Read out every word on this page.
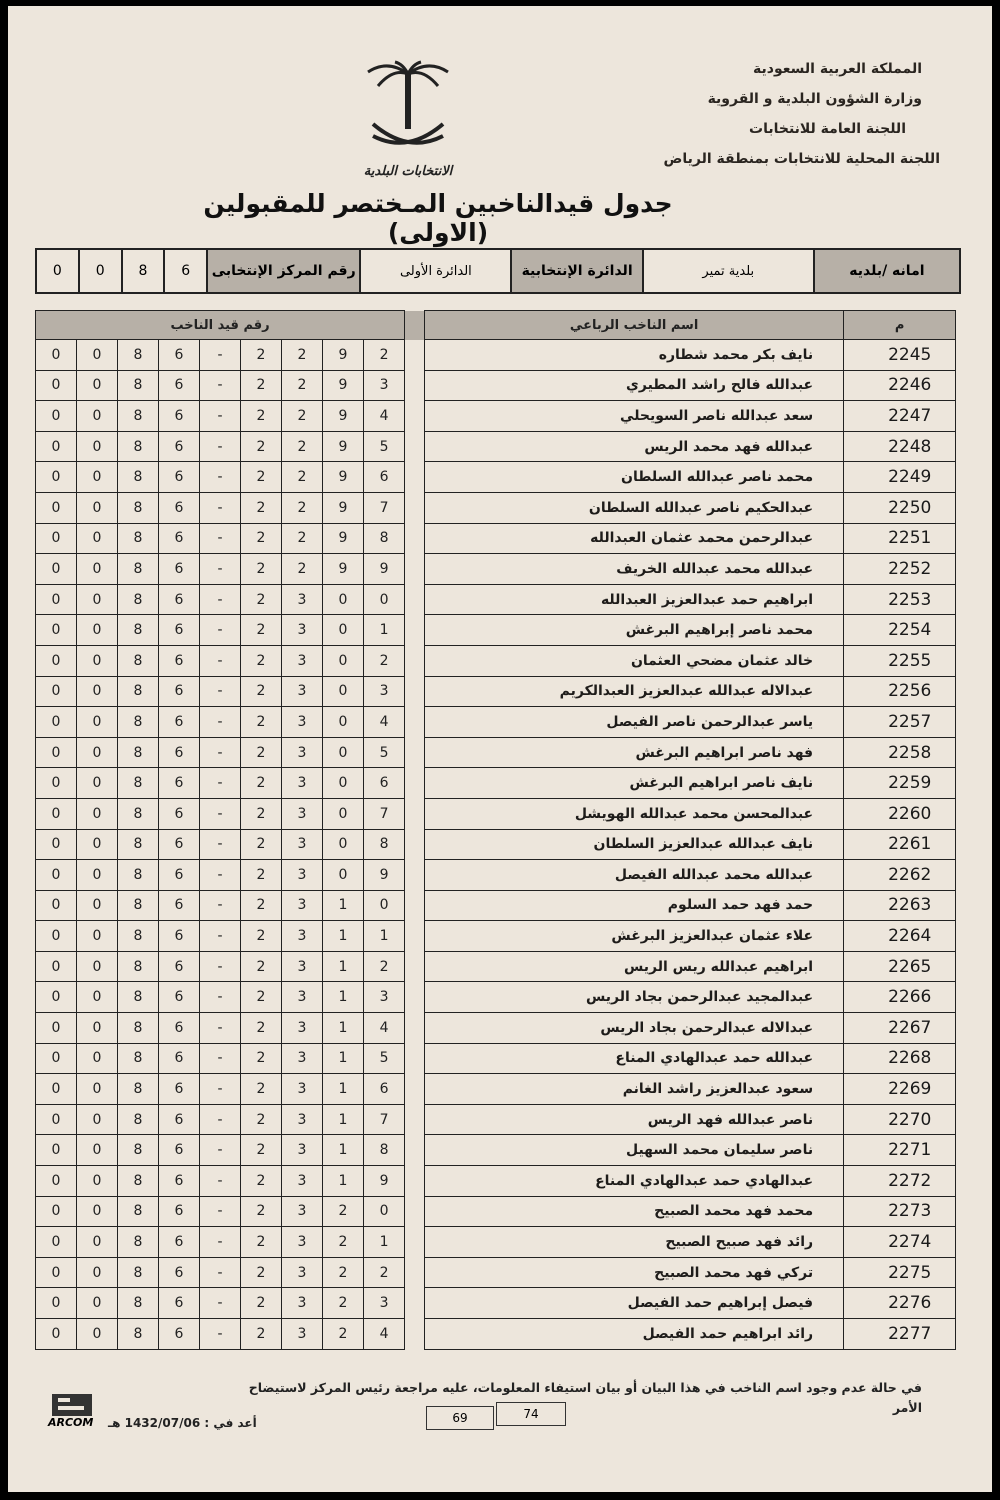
المملكة العربية السعودية
وزارة الشؤون البلدية و القروية
اللجنة العامة للانتخابات
اللجنة المحلية للانتخابات بمنطقة الرياض
الانتخابات البلدية
جدول قيدالناخبين المـختصر للمقبولين (الاولى)
امانه /بلديه
بلدية تمير
الدائرة الإنتخابية
الدائرة الأولى
رقم المركز الإنتخابى
6
8
0
0
رقم قيد الناخب										اسم الناخب الرباعي	م
0	0	8	6	-	2	2	9	2		نايف بكر محمد شطاره	2245
0	0	8	6	-	2	2	9	3		عبدالله فالح راشد المطيري	2246
0	0	8	6	-	2	2	9	4		سعد عبدالله ناصر السويحلي	2247
0	0	8	6	-	2	2	9	5		عبدالله فهد محمد الريس	2248
0	0	8	6	-	2	2	9	6		محمد ناصر عبدالله السلطان	2249
0	0	8	6	-	2	2	9	7		عبدالحكيم ناصر عبدالله السلطان	2250
0	0	8	6	-	2	2	9	8		عبدالرحمن محمد عثمان العبدالله	2251
0	0	8	6	-	2	2	9	9		عبدالله محمد عبدالله الخريف	2252
0	0	8	6	-	2	3	0	0		ابراهيم حمد عبدالعزيز العبدالله	2253
0	0	8	6	-	2	3	0	1		محمد ناصر إبراهيم البرغش	2254
0	0	8	6	-	2	3	0	2		خالد عثمان مضحي العثمان	2255
0	0	8	6	-	2	3	0	3		عبدالاله عبدالله عبدالعزيز العبدالكريم	2256
0	0	8	6	-	2	3	0	4		ياسر عبدالرحمن ناصر الفيصل	2257
0	0	8	6	-	2	3	0	5		فهد ناصر ابراهيم البرغش	2258
0	0	8	6	-	2	3	0	6		نايف ناصر ابراهيم البرغش	2259
0	0	8	6	-	2	3	0	7		عبدالمحسن محمد عبدالله الهويشل	2260
0	0	8	6	-	2	3	0	8		نايف عبدالله عبدالعزيز السلطان	2261
0	0	8	6	-	2	3	0	9		عبدالله محمد عبدالله الفيصل	2262
0	0	8	6	-	2	3	1	0		حمد فهد حمد السلوم	2263
0	0	8	6	-	2	3	1	1		علاء عثمان عبدالعزيز البرغش	2264
0	0	8	6	-	2	3	1	2		ابراهيم عبدالله ريس الريس	2265
0	0	8	6	-	2	3	1	3		عبدالمجيد عبدالرحمن بجاد الريس	2266
0	0	8	6	-	2	3	1	4		عبدالاله عبدالرحمن بجاد الريس	2267
0	0	8	6	-	2	3	1	5		عبدالله حمد عبدالهادي المناع	2268
0	0	8	6	-	2	3	1	6		سعود عبدالعزيز راشد الغانم	2269
0	0	8	6	-	2	3	1	7		ناصر عبدالله فهد الريس	2270
0	0	8	6	-	2	3	1	8		ناصر سليمان محمد السهيل	2271
0	0	8	6	-	2	3	1	9		عبدالهادي حمد عبدالهادي المناع	2272
0	0	8	6	-	2	3	2	0		محمد فهد محمد الصبيح	2273
0	0	8	6	-	2	3	2	1		رائد فهد صبيح الصبيح	2274
0	0	8	6	-	2	3	2	2		تركي فهد محمد الصبيح	2275
0	0	8	6	-	2	3	2	3		فيصل إبراهيم حمد الفيصل	2276
0	0	8	6	-	2	3	2	4		رائد ابراهيم حمد الفيصل	2277
في حالة عدم وجود اسم الناخب في هذا البيان أو بيان استيفاء المعلومات، عليه مراجعة رئيس المركز لاستيضاح الأمر
74
69
أعد في : 1432/07/06 هـ
ARCOM
